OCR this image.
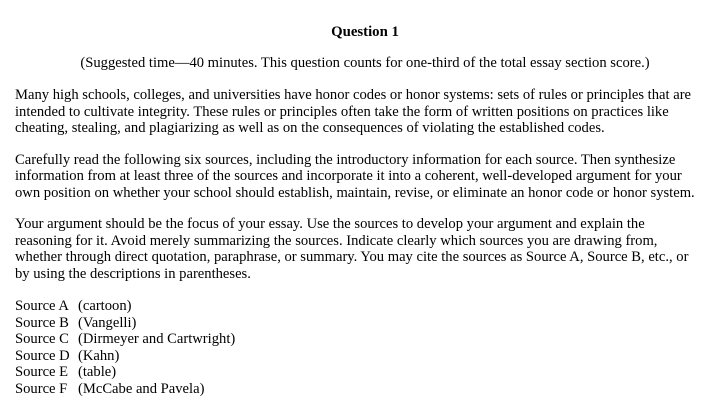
Question 1

(Suggested time—40 minutes. This question counts for one-third of the total essay section score.)

Many high schools, colleges, and universities have honor codes or honor systems: sets of rules or principles that are intended to cultivate integrity. These rules or principles often take the form of written positions on practices like cheating, stealing, and plagiarizing as well as on the consequences of violating the established codes.

Carefully read the following six sources, including the introductory information for each source. Then synthesize information from at least three of the sources and incorporate it into a coherent, well-developed argument for your own position on whether your school should establish, maintain, revise, or eliminate an honor code or honor system.

Your argument should be the focus of your essay. Use the sources to develop your argument and explain the reasoning for it. Avoid merely summarizing the sources. Indicate clearly which sources you are drawing from, whether through direct quotation, paraphrase, or summary. You may cite the sources as Source A, Source B, etc., or by using the descriptions in parentheses.

Source A (cartoon)
Source B (Vangelli)
Source C (Dirmeyer and Cartwright)
Source D (Kahn)
Source E (table)
Source F (McCabe and Pavela)
